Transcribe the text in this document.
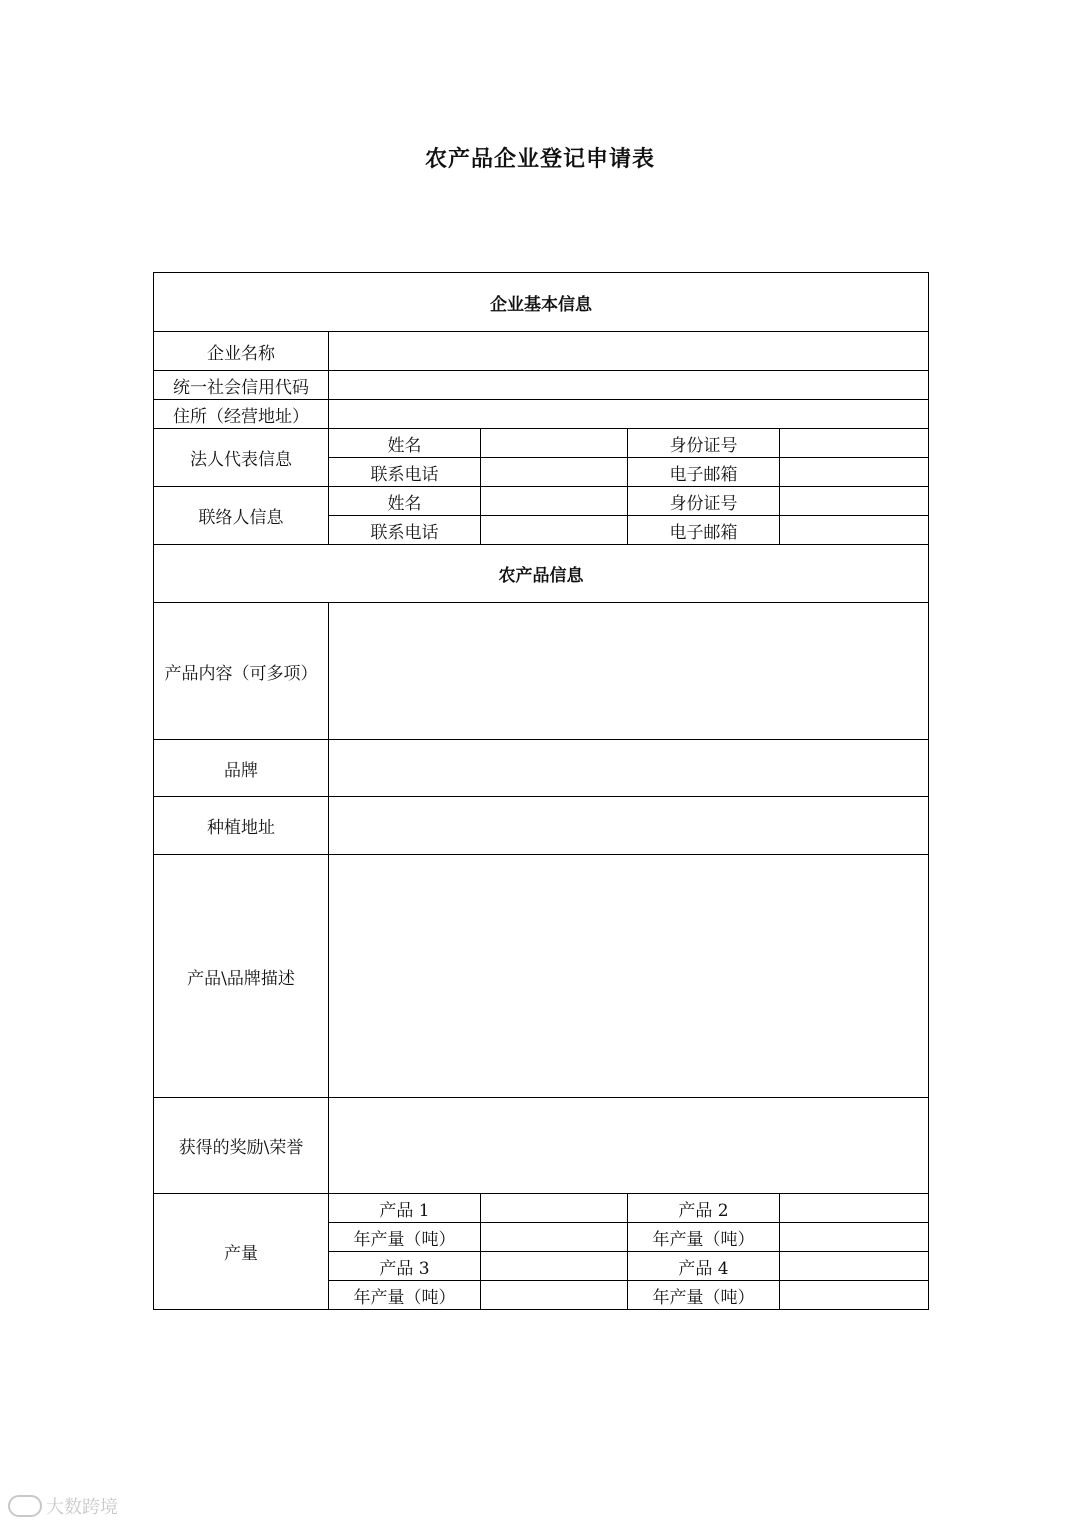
农产品企业登记申请表
企业基本信息				
企业名称				
统一社会信用代码				
住所（经营地址）				
法人代表信息	姓名		身份证号	
	联系电话		电子邮箱	
联络人信息	姓名		身份证号	
	联系电话		电子邮箱	
农产品信息				
产品内容（可多项）				
品牌				
种植地址				
产品\品牌描述				
获得的奖励\荣誉				
产量	产品 1		产品 2	
	年产量（吨）		年产量（吨）	
	产品 3		产品 4	
	年产量（吨）		年产量（吨）	
大数跨境
